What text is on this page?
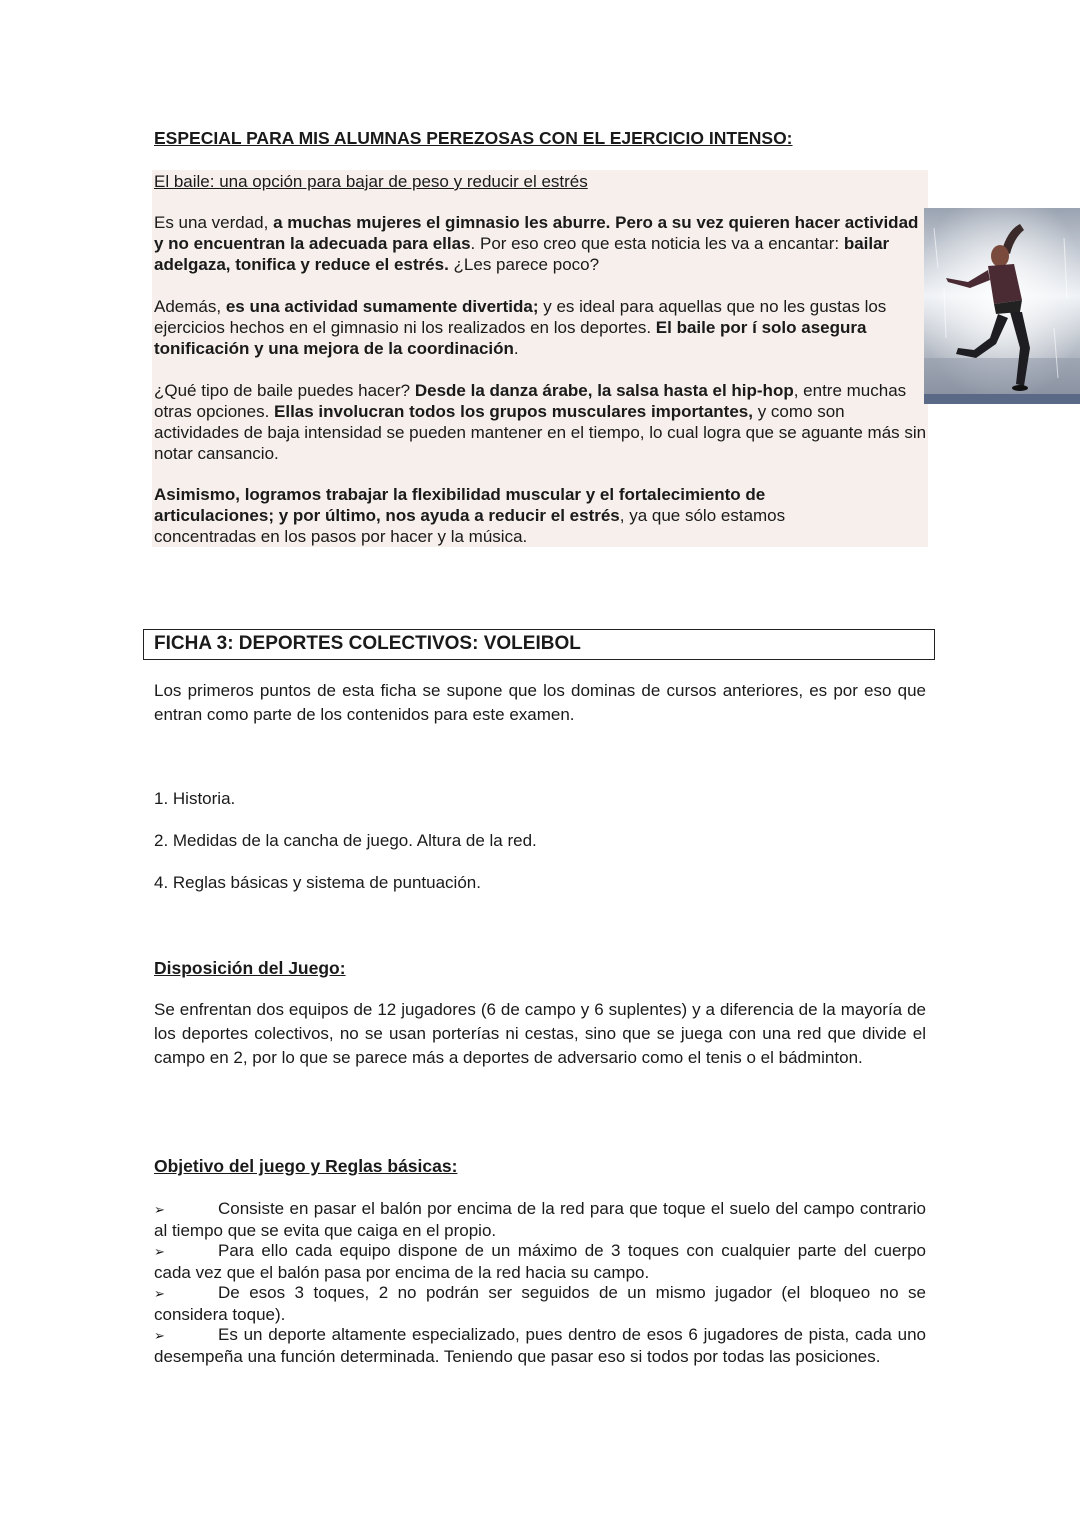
ESPECIAL PARA MIS ALUMNAS PEREZOSAS CON EL EJERCICIO INTENSO:
El baile: una opción para bajar de peso y reducir el estrés

Es una verdad, a muchas mujeres el gimnasio les aburre. Pero a su vez quieren hacer actividad y no encuentran la adecuada para ellas. Por eso creo que esta noticia les va a encantar: bailar adelgaza, tonifica y reduce el estrés. ¿Les parece poco?

Además, es una actividad sumamente divertida; y es ideal para aquellas que no les gustas los ejercicios hechos en el gimnasio ni los realizados en los deportes. El baile por í solo asegura tonificación y una mejora de la coordinación.

¿Qué tipo de baile puedes hacer? Desde la danza árabe, la salsa hasta el hip-hop, entre muchas otras opciones. Ellas involucran todos los grupos musculares importantes, y como son actividades de baja intensidad se pueden mantener en el tiempo, lo cual logra que se aguante más sin notar cansancio.

Asimismo, logramos trabajar la flexibilidad muscular y el fortalecimiento de articulaciones; y por último, nos ayuda a reducir el estrés, ya que sólo estamos concentradas en los pasos por hacer y la música.

FICHA 3: DEPORTES COLECTIVOS: VOLEIBOL

Los primeros puntos de esta ficha se supone que los dominas de cursos anteriores, es por eso que entran como parte de los contenidos para este examen.

1. Historia.

2. Medidas de la cancha de juego. Altura de la red.

4. Reglas básicas y sistema de puntuación.

Disposición del Juego:

Se enfrentan dos equipos de 12 jugadores (6 de campo y 6 suplentes) y a diferencia de la mayoría de los deportes colectivos, no se usan porterías ni cestas, sino que se juega con una red que divide el campo en 2, por lo que se parece más a deportes de adversario como el tenis o el bádminton.

Objetivo del juego y Reglas básicas:

➢	Consiste en pasar el balón por encima de la red para que toque el suelo del campo contrario al tiempo que se evita que caiga en el propio.

➢	Para ello cada equipo dispone de un máximo de 3 toques con cualquier parte del cuerpo cada vez que el balón pasa por encima de la red hacia su campo.

➢	De esos 3 toques, 2 no podrán ser seguidos de un mismo jugador (el bloqueo no se considera toque).

➢	Es un deporte altamente especializado, pues dentro de esos 6 jugadores de pista, cada uno desempeña una función determinada. Teniendo que pasar eso si todos por todas las posiciones.
